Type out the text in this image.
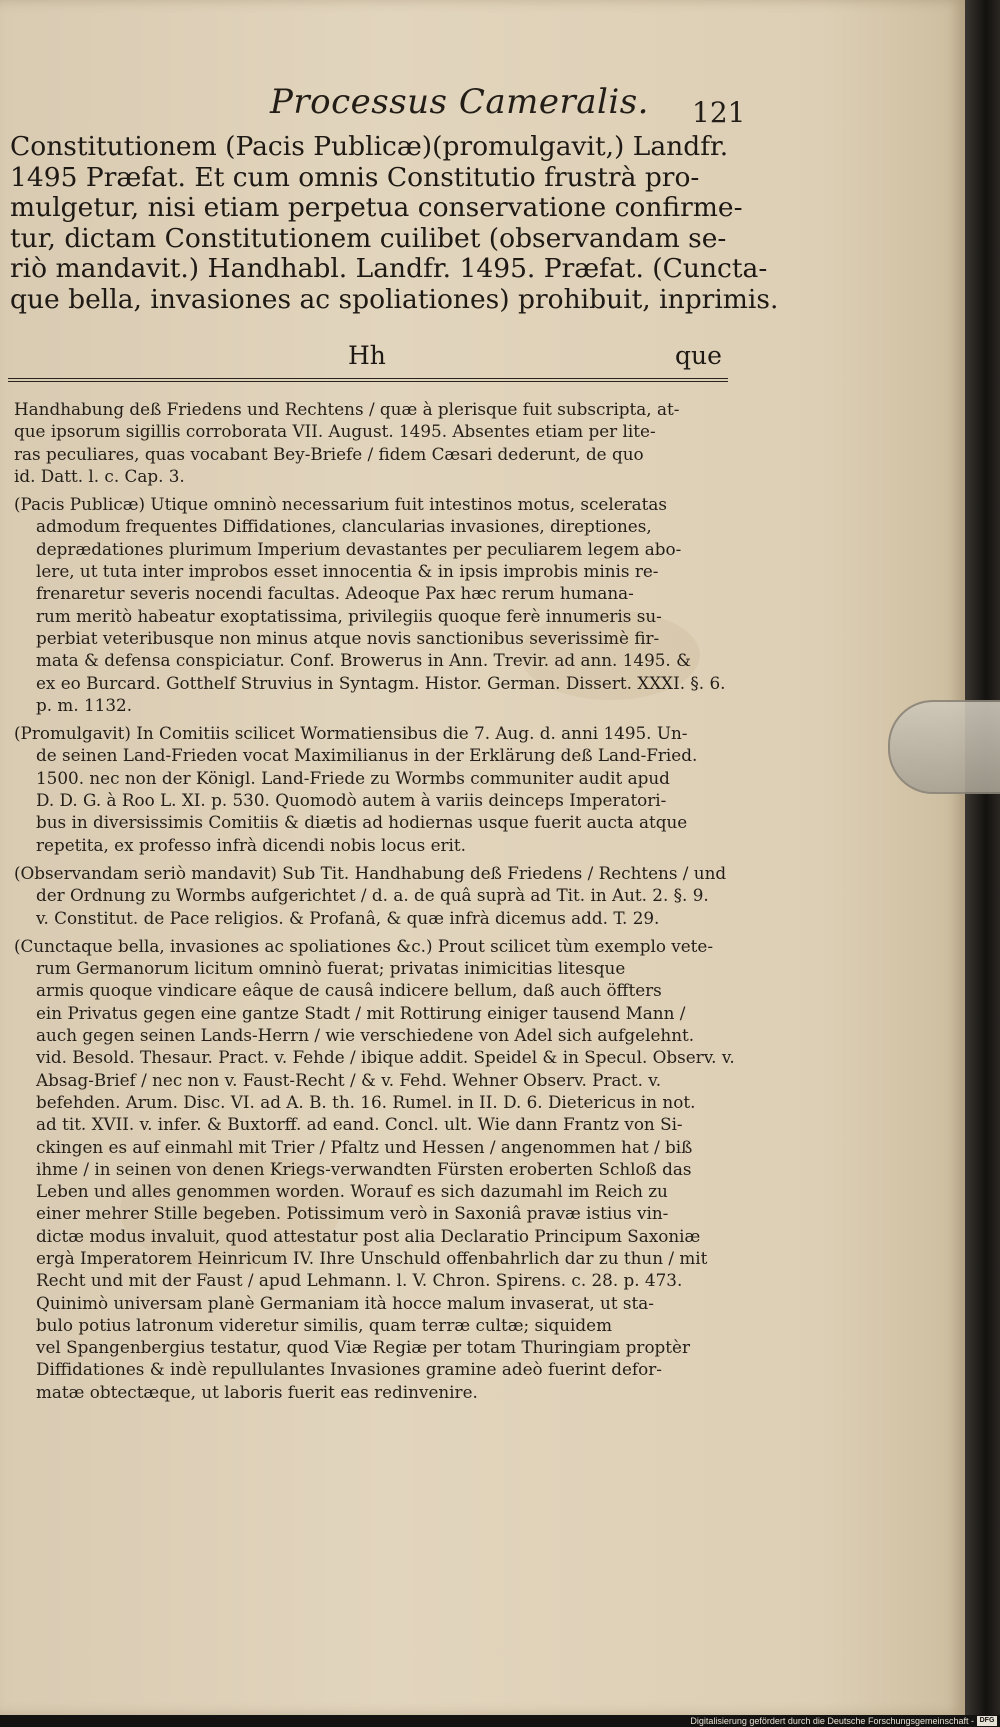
Processus Cameralis. 121
Constitutionem (Pacis Publicæ)(promulgavit,) Landfr.
1495 Præfat. Et cum omnis Constitutio frustrà pro-
mulgetur, nisi etiam perpetua conservatione confirme-
tur, dictam Constitutionem cuilibet (observandam se-
riò mandavit.) Handhabl. Landfr. 1495. Præfat. (Cuncta-
que bella, invasiones ac spoliationes) prohibuit, inprimis.
Hh	que
Handhabung deß Friedens und Rechtens / quæ à plerisque fuit subscripta, at-
que ipsorum sigillis corroborata VII. August. 1495. Absentes etiam per lite-
ras peculiares, quas vocabant Bey-Briefe / fidem Cæsari dederunt, de quo
id. Datt. l. c. Cap. 3.
(Pacis Publicæ) Utique omninò necessarium fuit intestinos motus, sceleratas
admodum frequentes Diffidationes, clancularias invasiones, direptiones,
deprædationes plurimum Imperium devastantes per peculiarem legem abo-
lere, ut tuta inter improbos esset innocentia & in ipsis improbis minis re-
frenaretur severis nocendi facultas. Adeoque Pax hæc rerum humana-
rum meritò habeatur exoptatissima, privilegiis quoque ferè innumeris su-
perbiat veteribusque non minus atque novis sanctionibus severissimè fir-
mata & defensa conspiciatur. Conf. Browerus in Ann. Trevir. ad ann. 1495. &
ex eo Burcard. Gotthelf Struvius in Syntagm. Histor. German. Dissert. XXXI. §. 6.
p. m. 1132.
(Promulgavit) In Comitiis scilicet Wormatiensibus die 7. Aug. d. anni 1495. Un-
de seinen Land-Frieden vocat Maximilianus in der Erklärung deß Land-Fried.
1500. nec non der Königl. Land-Friede zu Wormbs communiter audit apud
D. D. G. à Roo L. XI. p. 530. Quomodò autem à variis deinceps Imperatori-
bus in diversissimis Comitiis & diætis ad hodiernas usque fuerit aucta atque
repetita, ex professo infrà dicendi nobis locus erit.
(Observandam seriò mandavit) Sub Tit. Handhabung deß Friedens / Rechtens / und
der Ordnung zu Wormbs aufgerichtet / d. a. de quâ suprà ad Tit. in Aut. 2. §. 9.
v. Constitut. de Pace religios. & Profanâ, & quæ infrà dicemus add. T. 29.
(Cunctaque bella, invasiones ac spoliationes &c.) Prout scilicet tùm exemplo vete-
rum Germanorum licitum omninò fuerat; privatas inimicitias litesque
armis quoque vindicare eâque de causâ indicere bellum, daß auch öffters
ein Privatus gegen eine gantze Stadt / mit Rottirung einiger tausend Mann /
auch gegen seinen Lands-Herrn / wie verschiedene von Adel sich aufgelehnt.
vid. Besold. Thesaur. Pract. v. Fehde / ibique addit. Speidel & in Specul. Observ. v.
Absag-Brief / nec non v. Faust-Recht / & v. Fehd. Wehner Observ. Pract. v.
befehden. Arum. Disc. VI. ad A. B. th. 16. Rumel. in II. D. 6. Dietericus in not.
ad tit. XVII. v. infer. & Buxtorff. ad eand. Concl. ult. Wie dann Frantz von Si-
ckingen es auf einmahl mit Trier / Pfaltz und Hessen / angenommen hat / biß
ihme / in seinen von denen Kriegs-verwandten Fürsten eroberten Schloß das
Leben und alles genommen worden. Worauf es sich dazumahl im Reich zu
einer mehrer Stille begeben. Potissimum verò in Saxoniâ pravæ istius vin-
dictæ modus invaluit, quod attestatur post alia Declaratio Principum Saxoniæ
ergà Imperatorem Heinricum IV. Ihre Unschuld offenbahrlich dar zu thun / mit
Recht und mit der Faust / apud Lehmann. l. V. Chron. Spirens. c. 28. p. 473.
Quinimò universam planè Germaniam ità hocce malum invaserat, ut sta-
bulo potius latronum videretur similis, quam terræ cultæ; siquidem
vel Spangenbergius testatur, quod Viæ Regiæ per totam Thuringiam proptèr
Diffidationes & indè repullulantes Invasiones gramine adeò fuerint defor-
matæ obtectæque, ut laboris fuerit eas redinvenire.
Digitalisierung gefördert durch die Deutsche Forschungsgemeinschaft - DFG
